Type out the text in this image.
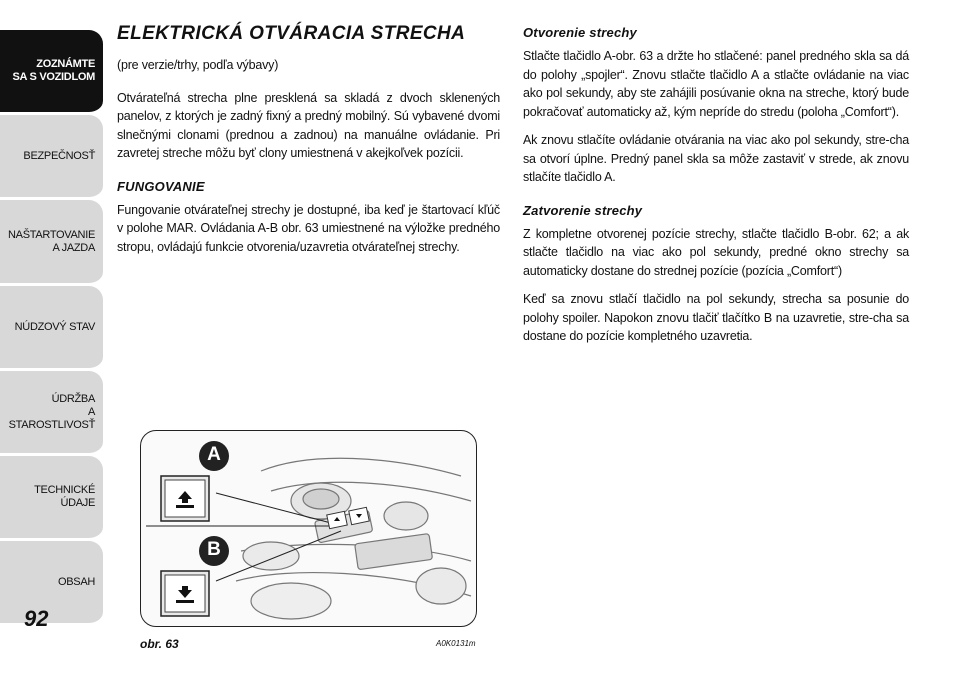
ZOZNÁMTE
SA S VOZIDLOM
BEZPEČNOSŤ
NAŠTARTOVANIE
A JAZDA
NÚDZOVÝ STAV
ÚDRŽBA
A STAROSTLIVOSŤ
TECHNICKÉ
ÚDAJE
OBSAH
92
ELEKTRICKÁ OTVÁRACIA STRECHA

(pre verzie/trhy, podľa výbavy)

Otvárateľná strecha plne presklená sa skladá z dvoch sklenených panelov, z ktorých je zadný fixný a predný mobilný. Sú vybavené dvomi slnečnými clonami (prednou a zadnou) na manuálne ovládanie. Pri zavretej streche môžu byť clony umiestnená v akejkoľvek pozícii.

FUNGOVANIE

Fungovanie otvárateľnej strechy je dostupné, iba keď je štartovací kľúč v polohe MAR. Ovládania A-B obr. 63 umiestnené na výložke predného stropu, ovládajú funkcie otvorenia/uzavretia otvárateľnej strechy.

Otvorenie strechy

Stlačte tlačidlo A-obr. 63 a držte ho stlačené: panel predného skla sa dá do polohy „spojler“. Znovu stlačte tlačidlo A a stlačte ovládanie na viac ako pol sekundy, aby ste zahájili posúvanie okna na streche, ktorý bude pokračovať automaticky až, kým nepríde do stredu (poloha „Comfort“).

Ak znovu stlačíte ovládanie otvárania na viac ako pol sekundy, stre-cha sa otvorí úplne. Predný panel skla sa môže zastaviť v strede, ak znovu stlačíte tlačidlo A.

Zatvorenie strechy

Z kompletne otvorenej pozície strechy, stlačte tlačidlo B-obr. 62; a ak stlačte tlačidlo na viac ako pol sekundy, predné okno strechy sa automaticky dostane do strednej pozície (pozícia „Comfort“)

Keď sa znovu stlačí tlačidlo na pol sekundy, strecha sa posunie do polohy spoiler. Napokon znovu tlačiť tlačítko B na uzavretie, stre-cha sa dostane do pozície kompletného uzavretia.

A
B
obr. 63	A0K0131m
